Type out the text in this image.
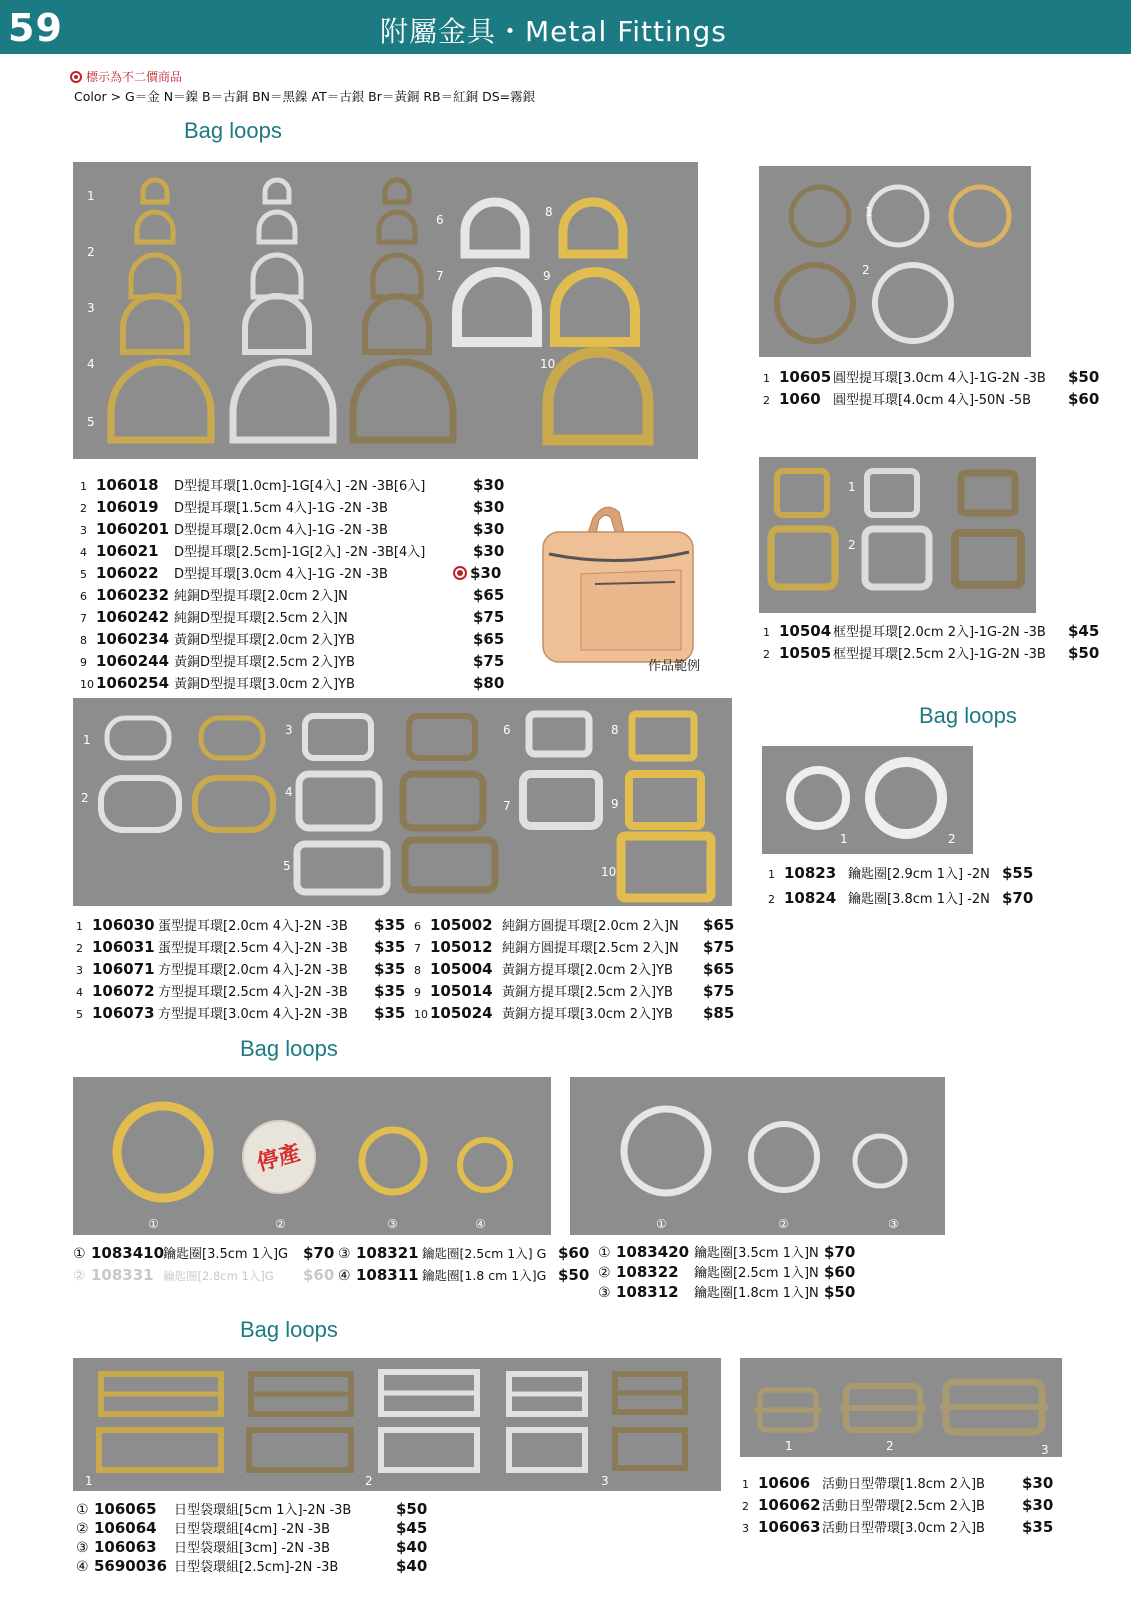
59	附屬金具・Metal Fittings
標示為不二價商品
Color > G＝金 N＝鎳 B＝古銅 BN＝黑鎳 AT＝古銀 Br＝黃銅 RB＝紅銅 DS=霧銀
Bag loops
1
2
3
4
5
6
7
8
9
10
1 106018 D型提耳環[1.0cm]-1G[4入] -2N -3B[6入]	$30
2 106019 D型提耳環[1.5cm 4入]-1G -2N -3B	$30
3 1060201 D型提耳環[2.0cm 4入]-1G -2N -3B	$30
4 106021 D型提耳環[2.5cm]-1G[2入] -2N -3B[4入]	$30
5 106022 D型提耳環[3.0cm 4入]-1G -2N -3B	$30
6 1060232 純銅D型提耳環[2.0cm 2入]N	$65
7 1060242 純銅D型提耳環[2.5cm 2入]N	$75
8 1060234 黃銅D型提耳環[2.0cm 2入]YB	$65
9 1060244 黃銅D型提耳環[2.5cm 2入]YB	$75
10 1060254 黃銅D型提耳環[3.0cm 2入]YB	$80
作品範例
1
2
1 10605 圓型提耳環[3.0cm 4入]-1G-2N -3B $50
2 1060 圓型提耳環[4.0cm 4入]-50N -5B $60
1
2
1 10504 框型提耳環[2.0cm 2入]-1G-2N -3B $45
2 10505 框型提耳環[2.5cm 2入]-1G-2N -3B $50
Bag loops
1	2
1 10823 鑰匙圈[2.9cm 1入] -2N $55
2 10824 鑰匙圈[3.8cm 1入] -2N $70
1
2
3
4
5
6
7
8
9
10
1 106030 蛋型提耳環[2.0cm 4入]-2N -3B $35
2 106031 蛋型提耳環[2.5cm 4入]-2N -3B $35
3 106071 方型提耳環[2.0cm 4入]-2N -3B $35
4 106072 方型提耳環[2.5cm 4入]-2N -3B $35
5 106073 方型提耳環[3.0cm 4入]-2N -3B $35
6 105002 純銅方圓提耳環[2.0cm 2入]N $65
7 105012 純銅方圓提耳環[2.5cm 2入]N $75
8 105004 黃銅方提耳環[2.0cm 2入]YB $65
9 105014 黃銅方提耳環[2.5cm 2入]YB $75
10 105024 黃銅方提耳環[3.0cm 2入]YB $85
Bag loops
停產
①	②	③	④	①	②	③
① 1083410鑰匙圈[3.5cm 1入]G $70
② 108331 鑰匙圈[2.8cm 1入]G $60
③ 108321 鑰匙圈[2.5cm 1入] G $60
④ 108311 鑰匙圈[1.8 cm 1入]G $50
① 1083420 鑰匙圈[3.5cm 1入]N $70
② 108322 鑰匙圈[2.5cm 1入]N $60
③ 108312 鑰匙圈[1.8cm 1入]N $50
Bag loops
1	2	3
1	2	3
① 106065 日型袋環組[5cm 1入]-2N -3B	$50
② 106064 日型袋環組[4cm] -2N -3B	$45
③ 106063 日型袋環組[3cm] -2N -3B	$40
④ 5690036 日型袋環組[2.5cm]-2N -3B	$40
1 10606 活動日型帶環[1.8cm 2入]B $30
2 106062活動日型帶環[2.5cm 2入]B $30
3 106063活動日型帶環[3.0cm 2入]B $35
